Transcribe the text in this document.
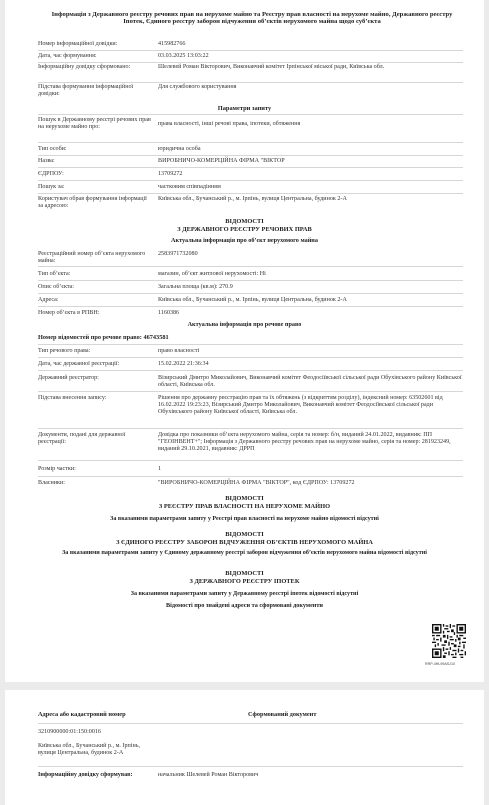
Інформація з Державного реєстру речових прав на нерухоме майно та Реєстру прав власності на нерухоме майно, Державного реєстру Іпотек, Єдиного реєстру заборон відчуження об’єктів нерухомого майна щодо суб’єкта
Номер інформаційної довідки:	415982766
Дата, час формування:	03.03.2025 13:03:22
Інформаційну довідку сформовано:	Шелевей Роман Вікторович, Виконавчий комітет Ірпінської міської ради, Київська обл.
Підстава формування інформаційної довідки:
Для службового користування
Параметри запиту
Пошук в Державному реєстрі речових прав на нерухоме майно про:	права власності, інші речові права, іпотеки, обтяження
Тип особи:	юридична особа
Назва:	ВИРОБНИЧО-КОМЕРЦІЙНА ФІРМА "ВІКТОР
ЄДРПОУ:	13709272
Пошук за:	частковим співпадінням
Користувач обрав формування інформації за адресою:
Київська обл., Бучанський р., м. Ірпінь, вулиця Центральна, будинок 2-А
ВІДОМОСТІ
З ДЕРЖАВНОГО РЕЄСТРУ РЕЧОВИХ ПРАВ
Актуальна інформація про об’єкт нерухомого майна
Реєстраційний номер об’єкта нерухомого майна:
2583971732080
Тип об’єкта:	магазин, об’єкт житлової нерухомості: Ні
Опис об’єкта:	Загальна площа (кв.м): 270.9
Адреса:	Київська обл., Бучанський р., м. Ірпінь, вулиця Центральна, будинок 2-А
Номер об’єкта в РПВН:	1160386
Актуальна інформація про речове право
Номер відомостей про речове право: 46743581
Тип речового права:	право власності
Дата, час державної реєстрації:	15.02.2022 21:36:34
Державний реєстратор:	Візирський Дмитро Миколайович, Виконавчий комітет Феодосіївської сільської ради Обухівського району Київської області, Київська обл.
Підстава внесення запису:	Рішення про державну реєстрацію прав та їх обтяжень (з відкриттям розділу), індексний номер: 63502601 від 16.02.2022 19:23:23, Візирський Дмитро Миколайович, Виконавчий комітет Феодосіївської сільської ради Обухівського району Київської області, Київська обл.
Документи, подані для державної реєстрації:
Довідка про показники об’єкта нерухомого майна, серія та номер: б/н, виданий 24.01.2022, видавник: ПП "ГЕОІНВЕНТ+"; Інформація з Державного реєстру речових прав на нерухоме майно, серія та номер: 281923249, виданий 29.10.2021, видавник: ДРРП
Розмір частки:	1
Власники:	"ВИРОБНИЧО-КОМЕРЦІЙНА ФІРМА "ВІКТОР", код ЄДРПОУ: 13709272
ВІДОМОСТІ
З РЕЄСТРУ ПРАВ ВЛАСНОСТІ НА НЕРУХОМЕ МАЙНО
За вказаними параметрами запиту у Реєстрі прав власності на нерухоме майно відомості відсутні
ВІДОМОСТІ
З ЄДИНОГО РЕЄСТРУ ЗАБОРОН ВІДЧУЖЕННЯ ОБ’ЄКТІВ НЕРУХОМОГО МАЙНА
За вказаними параметрами запиту у Єдиному державному реєстрі заборон відчуження об’єктів нерухомого майна відомості відсутні
ВІДОМОСТІ
З ДЕРЖАВНОГО РЕЄСТРУ ІПОТЕК
За вказаними параметрами запиту у Державному реєстрі іпотек відомості відсутні
Відомості про знайдені адреси та сформовані документи
RRP-4HL99ASJ10
Адреса або кадастровий номер	Сформований документ
3210900000:01:150:0016
Київська обл., Бучанський р., м. Ірпінь, вулиця Центральна, будинок 2-А
Інформаційну довідку сформував:	начальник Шелевей Роман Вікторович
